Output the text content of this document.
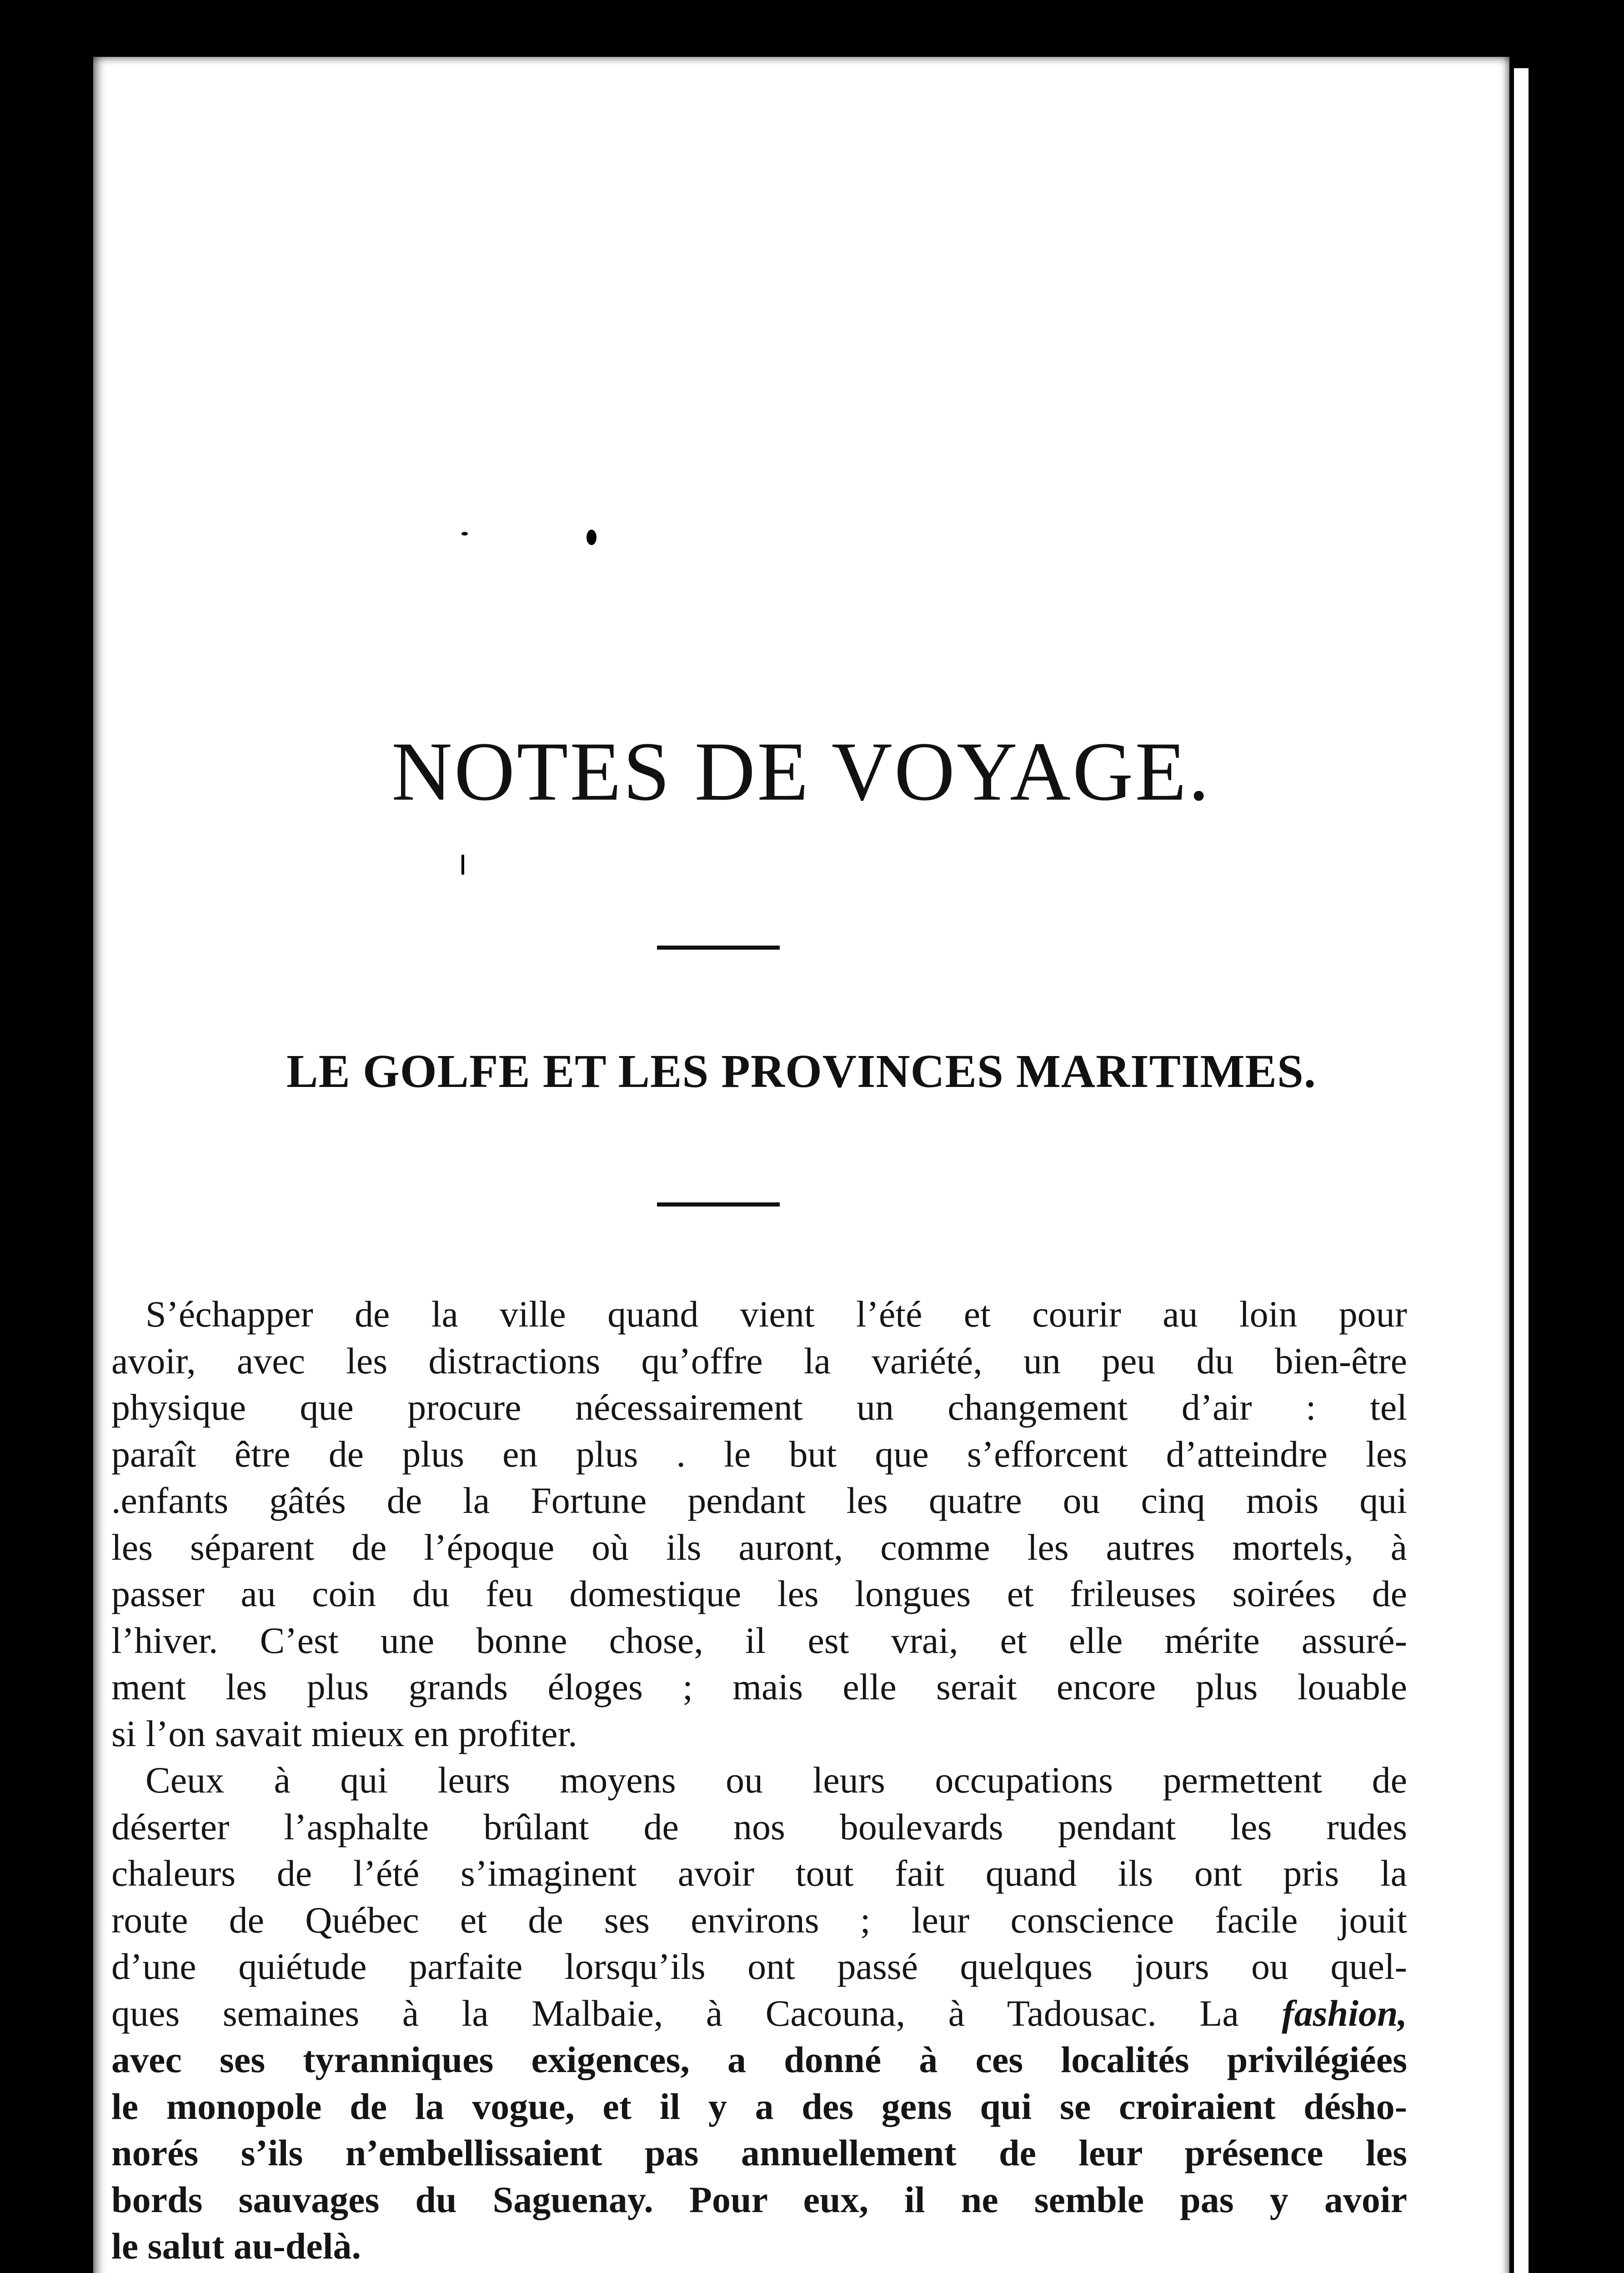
NOTES DE VOYAGE.
LE GOLFE ET LES PROVINCES MARITIMES.
S’échapper de la ville quand vient l’été et courir au loin pour
avoir, avec les distractions qu’offre la variété, un peu du bien-être
physique que procure nécessairement un changement d’air : tel
paraît être de plus en plus . le but que s’efforcent d’atteindre les
.enfants gâtés de la Fortune pendant les quatre ou cinq mois qui
les séparent de l’époque où ils auront, comme les autres mortels, à
passer au coin du feu domestique les longues et frileuses soirées de
l’hiver. C’est une bonne chose, il est vrai, et elle mérite assuré-
ment les plus grands éloges ; mais elle serait encore plus louable
si l’on savait mieux en profiter.
Ceux à qui leurs moyens ou leurs occupations permettent de
déserter l’asphalte brûlant de nos boulevards pendant les rudes
chaleurs de l’été s’imaginent avoir tout fait quand ils ont pris la
route de Québec et de ses environs ; leur conscience facile jouit
d’une quiétude parfaite lorsqu’ils ont passé quelques jours ou quel-
ques semaines à la Malbaie, à Cacouna, à Tadousac. La fashion,
avec ses tyranniques exigences, a donné à ces localités privilégiées
le monopole de la vogue, et il y a des gens qui se croiraient désho-
norés s’ils n’embellissaient pas annuellement de leur présence les
bords sauvages du Saguenay. Pour eux, il ne semble pas y avoir
le salut au-delà.
